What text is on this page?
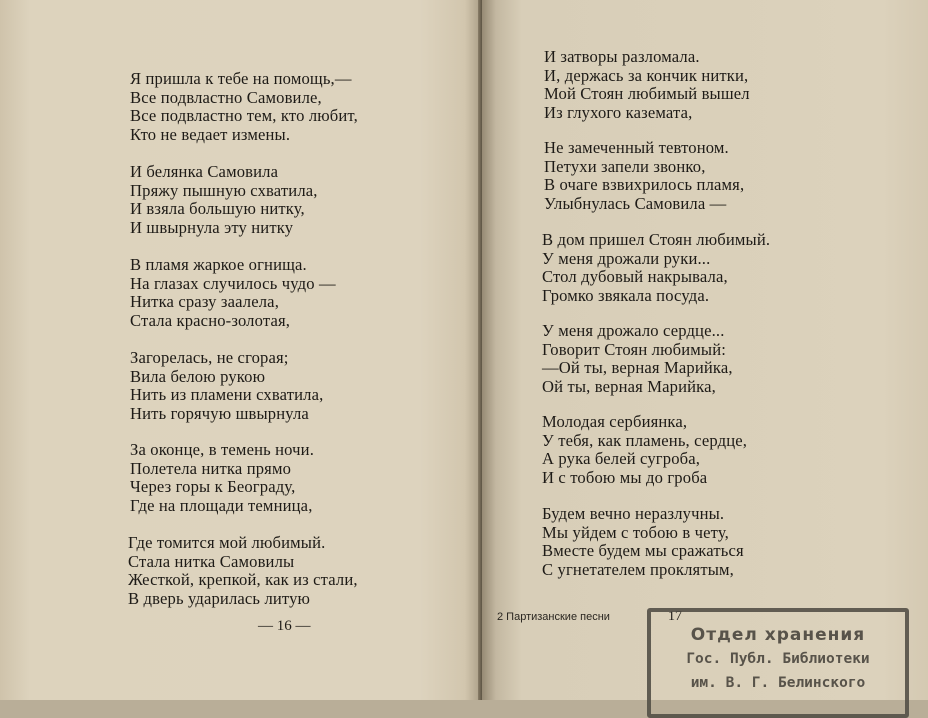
Я пришла к тебе на помощь,—
Все подвластно Самовиле,
Все подвластно тем, кто любит,
Кто не ведает измены.
И белянка Самовила
Пряжу пышную схватила,
И взяла большую нитку,
И швырнула эту нитку
В пламя жаркое огнища.
На глазах случилось чудо —
Нитка сразу заалела,
Стала красно-золотая,
Загорелась, не сгорая;
Вила белою рукою
Нить из пламени схватила,
Нить горячую швырнула
За оконце, в темень ночи.
Полетела нитка прямо
Через горы к Београду,
Где на площади темница,
Где томится мой любимый.
Стала нитка Самовилы
Жесткой, крепкой, как из стали,
В дверь ударилась литую
— 16 —
И затворы разломала.
И, держась за кончик нитки,
Мой Стоян любимый вышел
Из глухого каземата,
Не замеченный тевтоном.
Петухи запели звонко,
В очаге взвихрилось пламя,
Улыбнулась Самовила —
В дом пришел Стоян любимый.
У меня дрожали руки...
Стол дубовый накрывала,
Громко звякала посуда.
У меня дрожало сердце...
Говорит Стоян любимый:
—Ой ты, верная Марийка,
Ой ты, верная Марийка,
Молодая сербиянка,
У тебя, как пламень, сердце,
А рука белей сугроба,
И с тобою мы до гроба
Будем вечно неразлучны.
Мы уйдем с тобою в чету,
Вместе будем мы сражаться
С угнетателем проклятым,
17
2 Партизанские песни
Отдел хранения
Гос. Публ. Библиотеки
им. В. Г. Белинского
